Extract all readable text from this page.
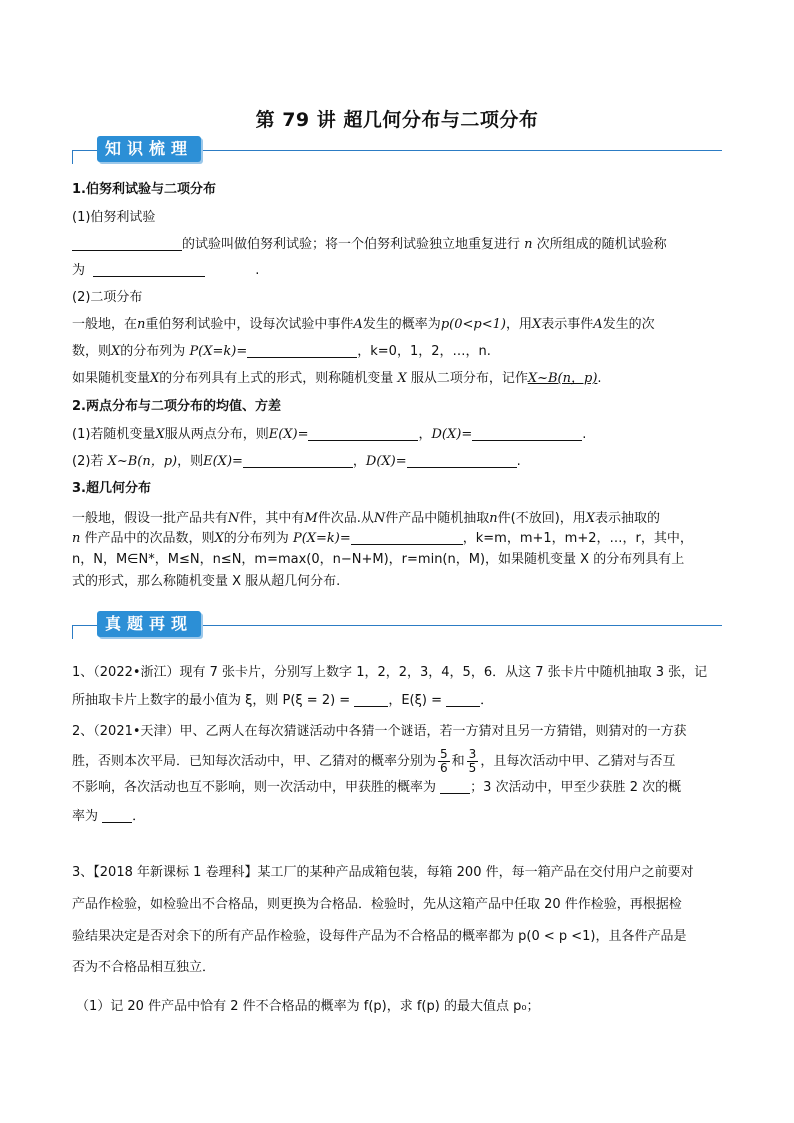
第 79 讲 超几何分布与二项分布
知识梳理
1.伯努利试验与二项分布
(1)伯努利试验
的试验叫做伯努利试验；将一个伯努利试验独立地重复进行 n 次所组成的随机试验称
为	.
(2)二项分布
一般地，在n重伯努利试验中，设每次试验中事件A发生的概率为p(0<p<1)，用X表示事件A发生的次
数，则X的分布列为 P(X=k)=	，k=0，1，2，…，n.
如果随机变量X的分布列具有上式的形式，则称随机变量 X 服从二项分布，记作X~B(n，p).
2.两点分布与二项分布的均值、方差
(1)若随机变量X服从两点分布，则E(X)=	，D(X)=	.
(2)若 X~B(n，p)，则E(X)=	，D(X)=	.
3.超几何分布
一般地，假设一批产品共有N件，其中有M件次品.从N件产品中随机抽取n件(不放回)，用X表示抽取的
n 件产品中的次品数，则X的分布列为 P(X=k)=	，k=m，m+1，m+2，…，r，其中，
n，N，M∈N*，M≤N，n≤N，m=max(0，n−N+M)，r=min(n，M)，如果随机变量 X 的分布列具有上
式的形式，那么称随机变量 X 服从超几何分布.
真题再现
1、（2022•浙江）现有 7 张卡片，分别写上数字 1，2，2，3，4，5，6．从这 7 张卡片中随机抽取 3 张，记
所抽取卡片上数字的最小值为 ξ，则 P(ξ = 2) =	，E(ξ) =	．
2、（2021•天津）甲、乙两人在每次猜谜活动中各猜一个谜语，若一方猜对且另一方猜错，则猜对的一方获
胜，否则本次平局．已知每次活动中，甲、乙猜对的概率分别为 $\frac{5}{6}$ 和 $\frac{3}{5}$ ，且每次活动中甲、乙猜对与否互
不影响，各次活动也互不影响，则一次活动中，甲获胜的概率为	；3 次活动中，甲至少获胜 2 次的概
率为	．
3、【2018 年新课标 1 卷理科】某工厂的某种产品成箱包装，每箱 200 件，每一箱产品在交付用户之前要对
产品作检验，如检验出不合格品，则更换为合格品．检验时，先从这箱产品中任取 20 件作检验，再根据检
验结果决定是否对余下的所有产品作检验，设每件产品为不合格品的概率都为 p(0 < p <1)，且各件产品是
否为不合格品相互独立．
（1）记 20 件产品中恰有 2 件不合格品的概率为 f(p)，求 f(p) 的最大值点 p₀；
